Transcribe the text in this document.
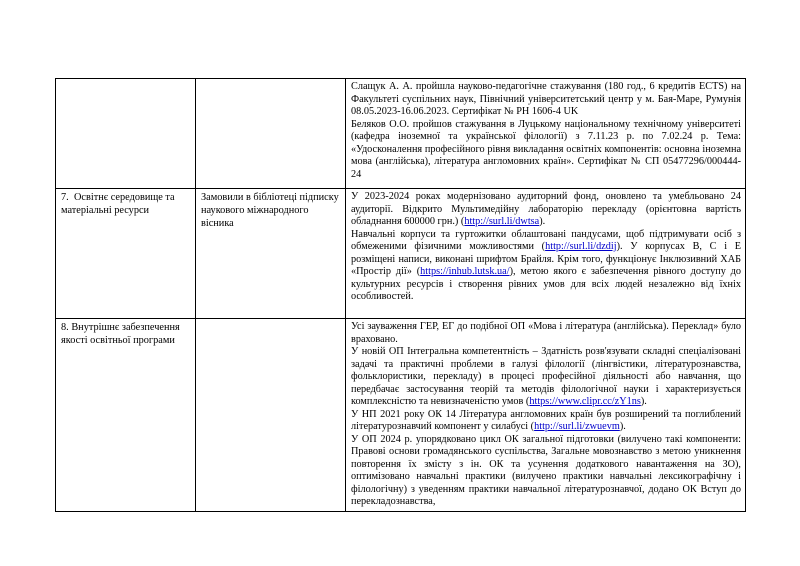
		Слащук А. А. пройшла науково-педагогічне стажування (180 год., 6 кредитів ECTS) на Факультеті суспільних наук, Північний університетський центр у м. Бая-Маре, Румунія 08.05.2023-16.06.2023. Сертифікат № PH 1606-4 UK

Беляков О.О. пройшов стажування в Луцькому національному технічному університеті (кафедра іноземної та української філології) з 7.11.23 р. по 7.02.24 р. Тема: «Удосконалення професійного рівня викладання освітніх компонентів: основна іноземна мова (англійська), література англомовних країн». Сертифікат № СП 05477296/000444-24

7. Освітнє середовище та матеріальні ресурси	Замовили в бібліотеці підписку наукового міжнародного вісника	У 2023-2024 роках модернізовано аудиторний фонд, оновлено та умебльовано 24 аудиторії. Відкрито Мультимедійну лабораторію перекладу (орієнтовна вартість обладнання 600000 грн.) (http://surl.li/dwtsa).

Навчальні корпуси та гуртожитки облаштовані пандусами, щоб підтримувати осіб з обмеженими фізичними можливостями (http://surl.li/dzdij). У корпусах В, С і Е розміщені написи, виконані шрифтом Брайля. Крім того, функціонує Інклюзивний ХАБ «Простір дії» (https://inhub.lutsk.ua/), метою якого є забезпечення рівного доступу до культурних ресурсів і створення рівних умов для всіх людей незалежно від їхніх особливостей.

8. Внутрішнє забезпечення якості освітньої програми		Усі зауваження ГЕР, ЕГ до подібної ОП «Мова і література (англійська). Переклад» було враховано.

У новій ОП Інтегральна компетентність – Здатність розв'язувати складні спеціалізовані задачі та практичні проблеми в галузі філології (лінгвістики, літературознавства, фольклористики, перекладу) в процесі професійної діяльності або навчання, що передбачає застосування теорій та методів філологічної науки і характеризується комплексністю та невизначеністю умов (https://www.clipr.cc/zY1ns).

У НП 2021 року ОК 14 Література англомовних країн був розширений та поглиблений літературознавчий компонент у силабусі (http://surl.li/zwuevm).

У ОП 2024 р. упорядковано цикл ОК загальної підготовки (вилучено такі компоненти: Правові основи громадянського суспільства, Загальне мовознавство з метою уникнення повторення їх змісту з ін. ОК та усунення додаткового навантаження на ЗО), оптимізовано навчальні практики (вилучено практики навчальні лексикографічну і філологічну) з уведенням практики навчальної літературознавчої, додано ОК Вступ до перекладознавства,
